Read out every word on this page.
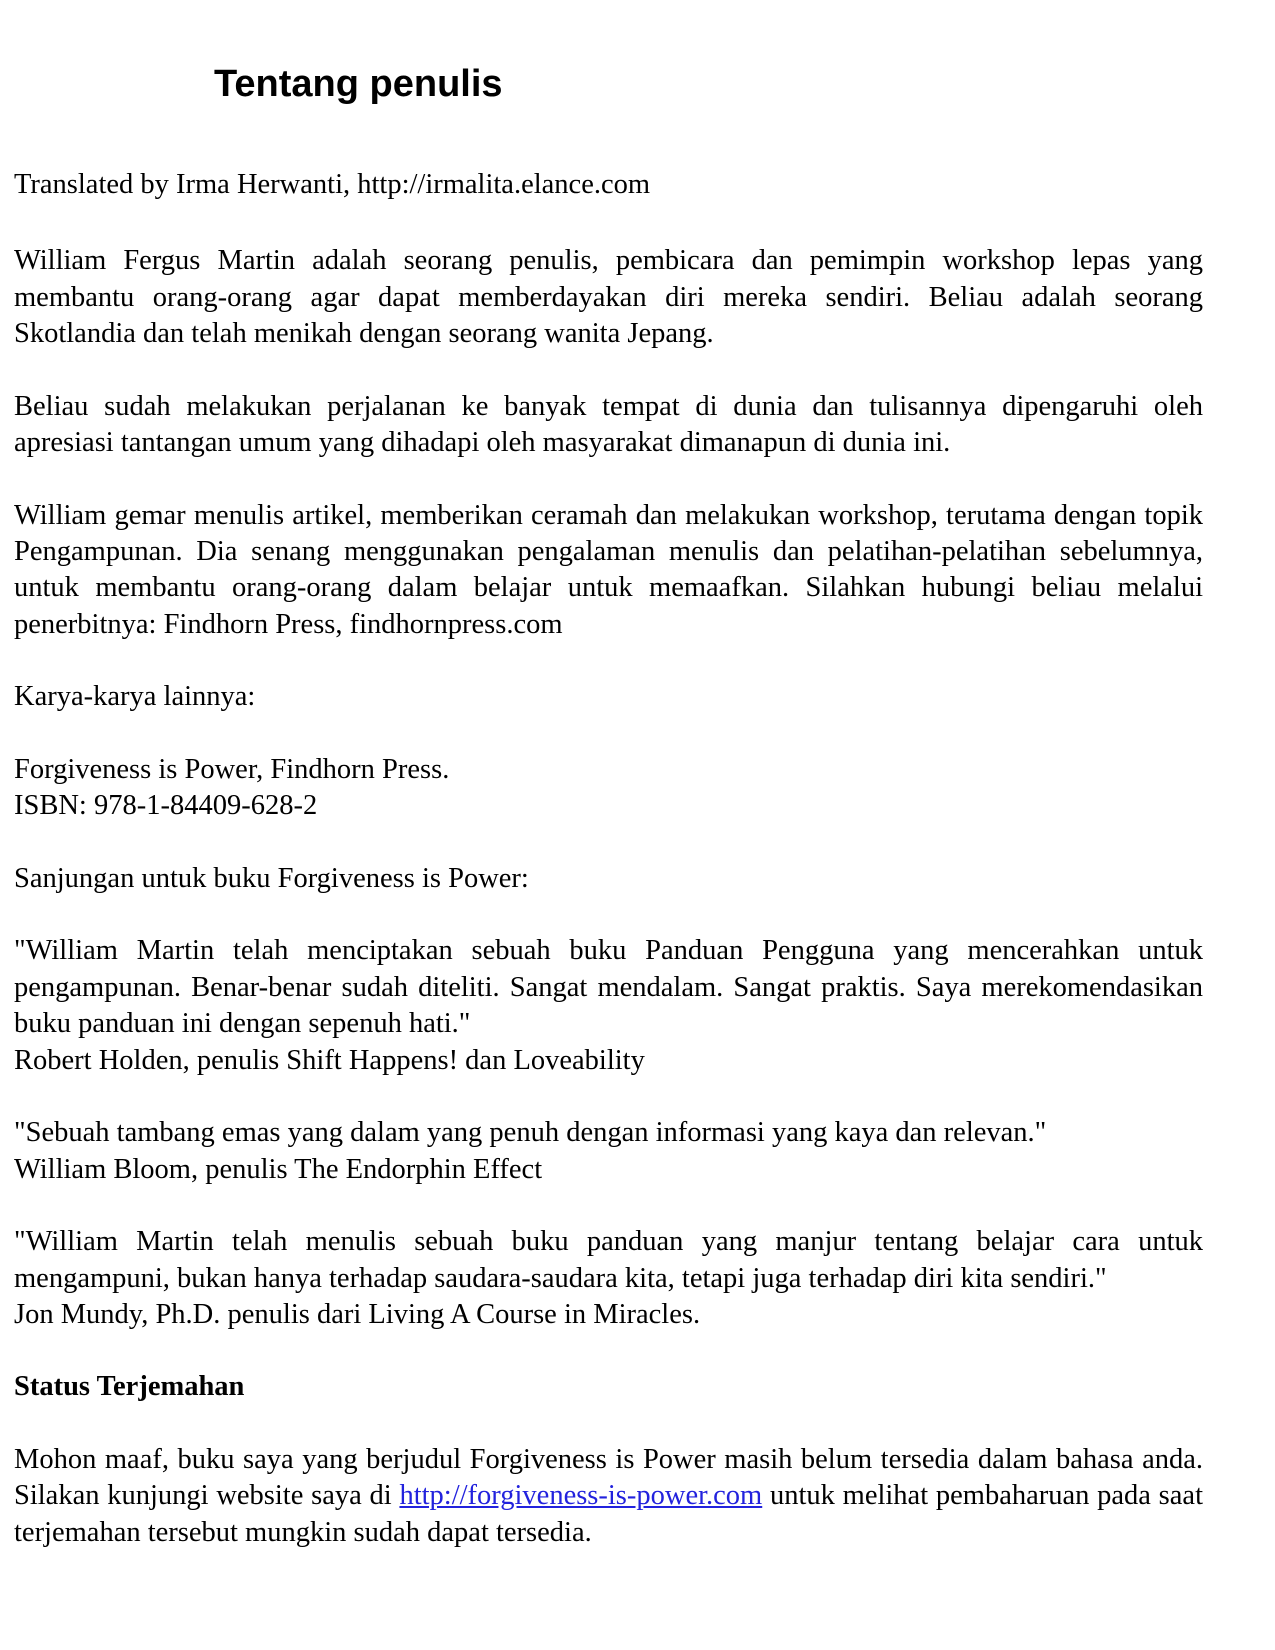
Tentang penulis

Translated by Irma Herwanti, http://irmalita.elance.com

William Fergus Martin adalah seorang penulis, pembicara dan pemimpin workshop lepas yang membantu orang-orang agar dapat memberdayakan diri mereka sendiri. Beliau adalah seorang Skotlandia dan telah menikah dengan seorang wanita Jepang.

Beliau sudah melakukan perjalanan ke banyak tempat di dunia dan tulisannya dipengaruhi oleh apresiasi tantangan umum yang dihadapi oleh masyarakat dimanapun di dunia ini.

William gemar menulis artikel, memberikan ceramah dan melakukan workshop, terutama dengan topik Pengampunan. Dia senang menggunakan pengalaman menulis dan pelatihan-pelatihan sebelumnya, untuk membantu orang-orang dalam belajar untuk memaafkan. Silahkan hubungi beliau melalui penerbitnya: Findhorn Press, findhornpress.com

Karya-karya lainnya:

Forgiveness is Power, Findhorn Press.

ISBN: 978-1-84409-628-2

Sanjungan untuk buku Forgiveness is Power:

"William Martin telah menciptakan sebuah buku Panduan Pengguna yang mencerahkan untuk pengampunan. Benar-benar sudah diteliti. Sangat mendalam. Sangat praktis. Saya merekomendasikan buku panduan ini dengan sepenuh hati."

Robert Holden, penulis Shift Happens! dan Loveability

"Sebuah tambang emas yang dalam yang penuh dengan informasi yang kaya dan relevan."

William Bloom, penulis The Endorphin Effect

"William Martin telah menulis sebuah buku panduan yang manjur tentang belajar cara untuk mengampuni, bukan hanya terhadap saudara-saudara kita, tetapi juga terhadap diri kita sendiri."

Jon Mundy, Ph.D. penulis dari Living A Course in Miracles.

Status Terjemahan

Mohon maaf, buku saya yang berjudul Forgiveness is Power masih belum tersedia dalam bahasa anda. Silakan kunjungi website saya di http://forgiveness-is-power.com untuk melihat pembaharuan pada saat terjemahan tersebut mungkin sudah dapat tersedia.
